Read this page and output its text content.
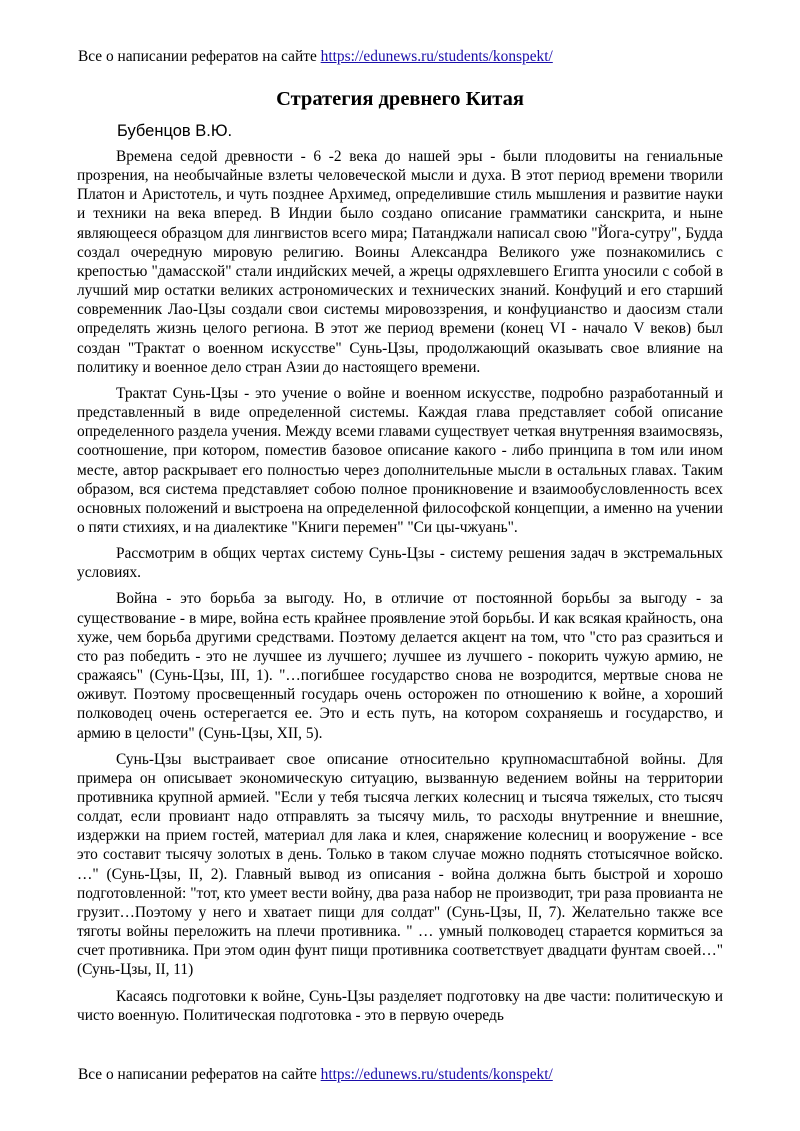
Все о написании рефератов на сайте https://edunews.ru/students/konspekt/
Стратегия древнего Китая
Бубенцов В.Ю.

Времена седой древности - 6 -2 века до нашей эры - были плодовиты на гениальные прозрения, на необычайные взлеты человеческой мысли и духа. В этот период времени творили Платон и Аристотель, и чуть позднее Архимед, определившие стиль мышления и развитие науки и техники на века вперед. В Индии было создано описание грамматики санскрита, и ныне являющееся образцом для лингвистов всего мира; Патанджали написал свою "Йога-сутру", Будда создал очередную мировую религию. Воины Александра Великого уже познакомились с крепостью "дамасской" стали индийских мечей, а жрецы одряхлевшего Египта уносили с собой в лучший мир остатки великих астрономических и технических знаний. Конфуций и его старший современник Лао-Цзы создали свои системы мировоззрения, и конфуцианство и даосизм стали определять жизнь целого региона. В этот же период времени (конец VI - начало V веков) был создан "Трактат о военном искусстве" Сунь-Цзы, продолжающий оказывать свое влияние на политику и военное дело стран Азии до настоящего времени.

Трактат Сунь-Цзы - это учение о войне и военном искусстве, подробно разработанный и представленный в виде определенной системы. Каждая глава представляет собой описание определенного раздела учения. Между всеми главами существует четкая внутренняя взаимосвязь, соотношение, при котором, поместив базовое описание какого - либо принципа в том или ином месте, автор раскрывает его полностью через дополнительные мысли в остальных главах. Таким образом, вся система представляет собою полное проникновение и взаимообусловленность всех основных положений и выстроена на определенной философской концепции, а именно на учении о пяти стихиях, и на диалектике "Книги перемен" "Си цы-чжуань".

Рассмотрим в общих чертах систему Сунь-Цзы - систему решения задач в экстремальных условиях.

Война - это борьба за выгоду. Но, в отличие от постоянной борьбы за выгоду - за существование - в мире, война есть крайнее проявление этой борьбы. И как всякая крайность, она хуже, чем борьба другими средствами. Поэтому делается акцент на том, что "сто раз сразиться и сто раз победить - это не лучшее из лучшего; лучшее из лучшего - покорить чужую армию, не сражаясь" (Сунь-Цзы, III, 1). "…погибшее государство снова не возродится, мертвые снова не оживут. Поэтому просвещенный государь очень осторожен по отношению к войне, а хороший полководец очень остерегается ее. Это и есть путь, на котором сохраняешь и государство, и армию в целости" (Сунь-Цзы, XII, 5).

Сунь-Цзы выстраивает свое описание относительно крупномасштабной войны. Для примера он описывает экономическую ситуацию, вызванную ведением войны на территории противника крупной армией. "Если у тебя тысяча легких колесниц и тысяча тяжелых, сто тысяч солдат, если провиант надо отправлять за тысячу миль, то расходы внутренние и внешние, издержки на прием гостей, материал для лака и клея, снаряжение колесниц и вооружение - все это составит тысячу золотых в день. Только в таком случае можно поднять стотысячное войско. …" (Сунь-Цзы, II, 2). Главный вывод из описания - война должна быть быстрой и хорошо подготовленной: "тот, кто умеет вести войну, два раза набор не производит, три раза провианта не грузит…Поэтому у него и хватает пищи для солдат" (Сунь-Цзы, II, 7). Желательно также все тяготы войны переложить на плечи противника. " … умный полководец старается кормиться за счет противника. При этом один фунт пищи противника соответствует двадцати фунтам своей…" (Сунь-Цзы, II, 11)

Касаясь подготовки к войне, Сунь-Цзы разделяет подготовку на две части: политическую и чисто военную. Политическая подготовка - это в первую очередь

Все о написании рефератов на сайте https://edunews.ru/students/konspekt/
